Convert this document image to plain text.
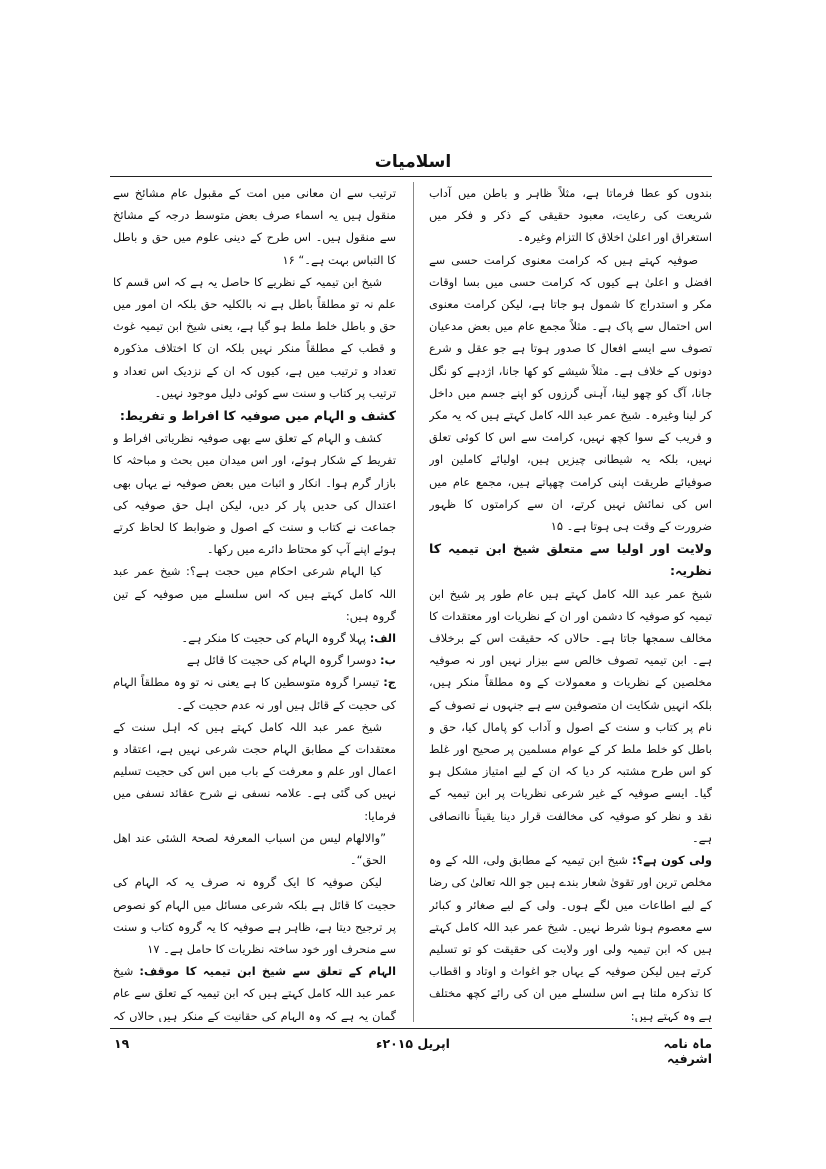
اسلامیات

بندوں کو عطا فرماتا ہے، مثلاً ظاہر و باطن میں آداب شریعت کی رعایت، معبود حقیقی کے ذکر و فکر میں استغراق اور اعلیٰ اخلاق کا التزام وغیرہ۔

صوفیہ کہتے ہیں کہ کرامت معنوی کرامت حسی سے افضل و اعلیٰ ہے کیوں کہ کرامت حسی میں بسا اوقات مکر و استدراج کا شمول ہو جاتا ہے، لیکن کرامت معنوی اس احتمال سے پاک ہے۔ مثلاً مجمع عام میں بعض مدعیان تصوف سے ایسے افعال کا صدور ہوتا ہے جو عقل و شرع دونوں کے خلاف ہے۔ مثلاً شیشے کو کھا جانا، اژدہے کو نگل جانا، آگ کو چھو لینا، آہنی گرزوں کو اپنے جسم میں داخل کر لینا وغیرہ۔ شیخ عمر عبد اللہ کامل کہتے ہیں کہ یہ مکر و فریب کے سوا کچھ نہیں، کرامت سے اس کا کوئی تعلق نہیں، بلکہ یہ شیطانی چیزیں ہیں، اولیائے کاملین اور صوفیائے طریقت اپنی کرامت چھپاتے ہیں، مجمع عام میں اس کی نمائش نہیں کرتے، ان سے کرامتوں کا ظہور ضرورت کے وقت ہی ہوتا ہے۔ ۱۵

ولایت اور اولیا سے متعلق شیخ ابن تیمیہ کا نظریہ:

شیخ عمر عبد اللہ کامل کہتے ہیں عام طور پر شیخ ابن تیمیہ کو صوفیہ کا دشمن اور ان کے نظریات اور معتقدات کا مخالف سمجھا جاتا ہے۔ حالاں کہ حقیقت اس کے برخلاف ہے۔ ابن تیمیہ تصوف خالص سے بیزار نہیں اور نہ صوفیہ مخلصین کے نظریات و معمولات کے وہ مطلقاً منکر ہیں، بلکہ انہیں شکایت ان متصوفین سے ہے جنہوں نے تصوف کے نام پر کتاب و سنت کے اصول و آداب کو پامال کیا، حق و باطل کو خلط ملط کر کے عوام مسلمین پر صحیح اور غلط کو اس طرح مشتبہ کر دیا کہ ان کے لیے امتیاز مشکل ہو گیا۔ ایسے صوفیہ کے غیر شرعی نظریات پر ابن تیمیہ کے نقد و نظر کو صوفیہ کی مخالفت قرار دینا یقیناً ناانصافی ہے۔

ولی کون ہے؟: شیخ ابن تیمیہ کے مطابق ولی، اللہ کے وہ مخلص ترین اور تقویٰ شعار بندے ہیں جو اللہ تعالیٰ کی رضا کے لیے اطاعات میں لگے ہوں۔ ولی کے لیے صغائر و کبائر سے معصوم ہونا شرط نہیں۔ شیخ عمر عبد اللہ کامل کہتے ہیں کہ ابن تیمیہ ولی اور ولایت کی حقیقت کو تو تسلیم کرتے ہیں لیکن صوفیہ کے یہاں جو اغواث و اوتاد و اقطاب کا تذکرہ ملتا ہے اس سلسلے میں ان کی رائے کچھ مختلف ہے وہ کہتے ہیں:

ترتیب سے ان معانی میں امت کے مقبول عام مشائخ سے منقول ہیں یہ اسماء صرف بعض متوسط درجہ کے مشائخ سے منقول ہیں۔ اس طرح کے دینی علوم میں حق و باطل کا التباس بہت ہے۔“ ۱۶

شیخ ابن تیمیہ کے نظریے کا حاصل یہ ہے کہ اس قسم کا علم نہ تو مطلقاً باطل ہے نہ بالکلیہ حق بلکہ ان امور میں حق و باطل خلط ملط ہو گیا ہے، یعنی شیخ ابن تیمیہ غوث و قطب کے مطلقاً منکر نہیں بلکہ ان کا اختلاف مذکورہ تعداد و ترتیب میں ہے، کیوں کہ ان کے نزدیک اس تعداد و ترتیب پر کتاب و سنت سے کوئی دلیل موجود نہیں۔

کشف و الہام میں صوفیہ کا افراط و تفریط:

کشف و الہام کے تعلق سے بھی صوفیہ نظریاتی افراط و تفریط کے شکار ہوئے، اور اس میدان میں بحث و مباحثہ کا بازار گرم ہوا۔ انکار و اثبات میں بعض صوفیہ نے یہاں بھی اعتدال کی حدیں پار کر دیں، لیکن اہل حق صوفیہ کی جماعت نے کتاب و سنت کے اصول و ضوابط کا لحاظ کرتے ہوئے اپنے آپ کو محتاط دائرے میں رکھا۔

کیا الہام شرعی احکام میں حجت ہے؟: شیخ عمر عبد اللہ کامل کہتے ہیں کہ اس سلسلے میں صوفیہ کے تین گروہ ہیں:

الف: پہلا گروہ الہام کی حجیت کا منکر ہے۔

ب: دوسرا گروہ الہام کی حجیت کا قائل ہے

ج: تیسرا گروہ متوسطین کا ہے یعنی نہ تو وہ مطلقاً الہام کی حجیت کے قائل ہیں اور نہ عدم حجیت کے۔

شیخ عمر عبد اللہ کامل کہتے ہیں کہ اہل سنت کے معتقدات کے مطابق الہام حجت شرعی نہیں ہے، اعتقاد و اعمال اور علم و معرفت کے باب میں اس کی حجیت تسلیم نہیں کی گئی ہے۔ علامہ نسفی نے شرح عقائد نسفی میں فرمایا:

”والالھام لیس من اسباب المعرفۃ لصحۃ الشئی عند اھل الحق“۔

لیکن صوفیہ کا ایک گروہ نہ صرف یہ کہ الہام کی حجیت کا قائل ہے بلکہ شرعی مسائل میں الہام کو نصوص پر ترجیح دیتا ہے، ظاہر ہے صوفیہ کا یہ گروہ کتاب و سنت سے منحرف اور خود ساختہ نظریات کا حامل ہے۔ ۱۷

الہام کے تعلق سے شیخ ابن تیمیہ کا موقف: شیخ عمر عبد اللہ کامل کہتے ہیں کہ ابن تیمیہ کے تعلق سے عام گمان یہ ہے کہ وہ الہام کی حقانیت کے منکر ہیں حالاں کہ

ماہ نامہ اشرفیہ
اپریل ۲۰۱۵ء
۱۹
